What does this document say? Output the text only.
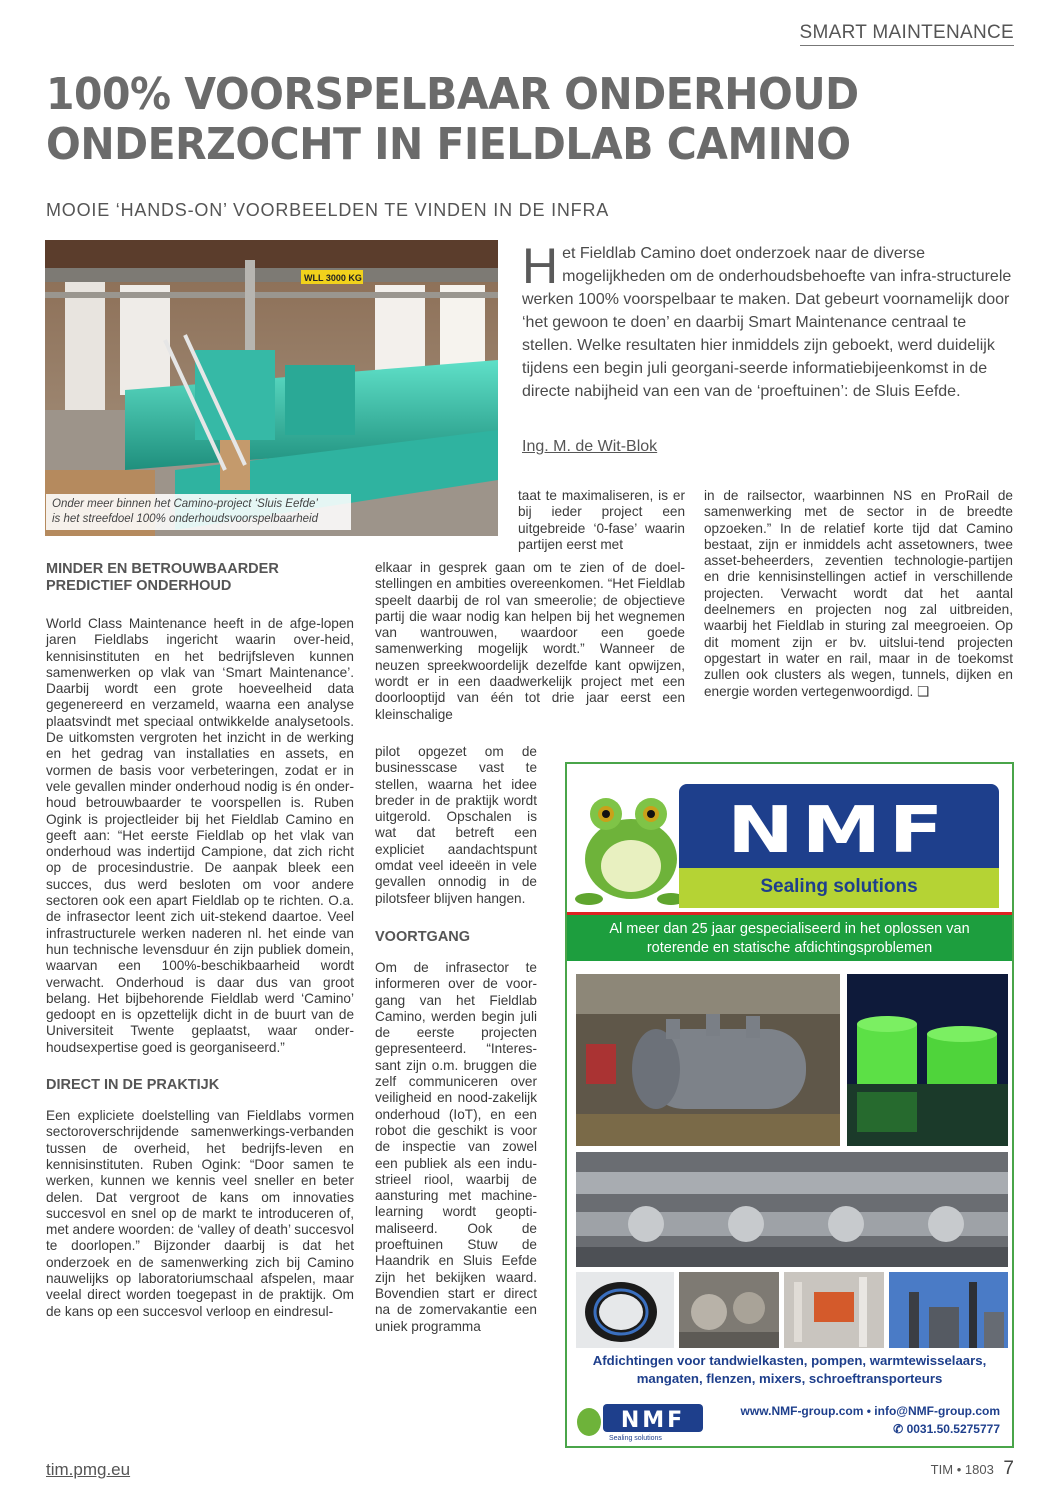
SMART MAINTENANCE
100% VOORSPELBAAR ONDERHOUD
ONDERZOCHT IN FIELDLAB CAMINO
MOOIE ‘HANDS-ON’ VOORBEELDEN TE VINDEN IN DE INFRA
WLL 3000 KG
Onder meer binnen het Camino-project ‘Sluis Eefde’
is het streefdoel 100% onderhoudsvoorspelbaarheid
Het Fieldlab Camino doet onderzoek naar de diverse mogelijkheden om de onderhoudsbehoefte van infra-structurele werken 100% voorspelbaar te maken. Dat gebeurt voornamelijk door ‘het gewoon te doen’ en daarbij Smart Maintenance centraal te stellen. Welke resultaten hier inmiddels zijn geboekt, werd duidelijk tijdens een begin juli georgani-seerde informatiebijeenkomst in de directe nabijheid van een van de ‘proeftuinen’: de Sluis Eefde.
Ing. M. de Wit-Blok
MINDER EN BETROUWBAARDER PREDICTIEF ONDERHOUD

World Class Maintenance heeft in de afge-lopen jaren Fieldlabs ingericht waarin over-heid, kennisinstituten en het bedrijfsleven kunnen samenwerken op vlak van ‘Smart Maintenance’. Daarbij wordt een grote hoeveelheid data gegenereerd en verzameld, waarna een analyse plaatsvindt met speciaal ontwikkelde analysetools. De uitkomsten vergroten het inzicht in de werking en het gedrag van installaties en assets, en vormen de basis voor verbeteringen, zodat er in vele gevallen minder onderhoud nodig is én onder-houd betrouwbaarder te voorspellen is. Ruben Ogink is projectleider bij het Fieldlab Camino en geeft aan: “Het eerste Fieldlab op het vlak van onderhoud was indertijd Campione, dat zich richt op de procesindustrie. De aanpak bleek een succes, dus werd besloten om voor andere sectoren ook een apart Fieldlab op te richten. O.a. de infrasector leent zich uit-stekend daartoe. Veel infrastructurele werken naderen nl. het einde van hun technische levensduur én zijn publiek domein, waarvan een 100%-beschikbaarheid wordt verwacht. Onderhoud is daar dus van groot belang. Het bijbehorende Fieldlab werd ‘Camino’ gedoopt en is opzettelijk dicht in de buurt van de Universiteit Twente geplaatst, waar onder-houdsexpertise goed is georganiseerd.”

DIRECT IN DE PRAKTIJK

Een expliciete doelstelling van Fieldlabs vormen sectoroverschrijdende samenwerkings-verbanden tussen de overheid, het bedrijfs-leven en kennisinstituten. Ruben Ogink: “Door samen te werken, kunnen we kennis veel sneller en beter delen. Dat vergroot de kans om innovaties succesvol en snel op de markt te introduceren of, met andere woorden: de ‘valley of death’ succesvol te doorlopen.” Bijzonder daarbij is dat het onderzoek en de samenwerking zich bij Camino nauwelijks op laboratoriumschaal afspelen, maar veelal direct worden toegepast in de praktijk. Om de kans op een succesvol verloop en eindresul-

taat te maximaliseren, is er bij ieder project een uitgebreide ‘0-fase’ waarin partijen eerst met

elkaar in gesprek gaan om te zien of de doel-stellingen en ambities overeenkomen. “Het Fieldlab speelt daarbij de rol van smeerolie; de objectieve partij die waar nodig kan helpen bij het wegnemen van wantrouwen, waardoor een goede samenwerking mogelijk wordt.” Wanneer de neuzen spreekwoordelijk dezelfde kant opwijzen, wordt er in een daadwerkelijk project met een doorlooptijd van één tot drie jaar eerst een kleinschalige

pilot opgezet om de businesscase vast te stellen, waarna het idee breder in de praktijk wordt uitgerold. Opschalen is wat dat betreft een expliciet aandachtspunt omdat veel ideeën in vele gevallen onnodig in de pilotsfeer blijven hangen.

VOORTGANG

Om de infrasector te informeren over de voor-gang van het Fieldlab Camino, werden begin juli de eerste projecten gepresenteerd. “Interes-sant zijn o.m. bruggen die zelf communiceren over veiligheid en nood-zakelijk onderhoud (IoT), en een robot die geschikt is voor de inspectie van zowel een publiek als een indu-strieel riool, waarbij de aansturing met machine-learning wordt geopti-maliseerd. Ook de proeftuinen Stuw de Haandrik en Sluis Eefde zijn het bekijken waard. Bovendien start er direct na de zomervakantie een uniek programma

in de railsector, waarbinnen NS en ProRail de samenwerking met de sector in de breedte opzoeken.” In de relatief korte tijd dat Camino bestaat, zijn er inmiddels acht assetowners, twee asset-beheerders, zeventien technologie-partijen en drie kennisinstellingen actief in verschillende projecten. Verwacht wordt dat het aantal deelnemers en projecten nog zal uitbreiden, waarbij het Fieldlab in sturing zal meegroeien. Op dit moment zijn er bv. uitslui-tend projecten opgestart in water en rail, maar in de toekomst zullen ook clusters als wegen, tunnels, dijken en energie worden vertegenwoordigd. ❑

NMF
Sealing solutions
Al meer dan 25 jaar gespecialiseerd in het oplossen van
roterende en statische afdichtingsproblemen
Afdichtingen voor tandwielkasten, pompen, warmtewisselaars,
mangaten, flenzen, mixers, schroeftransporteurs
NMF
Sealing solutions
www.NMF-group.com • info@NMF-group.com
✆ 0031.50.5275777
tim.pmg.eu	TIM • 1803 7
